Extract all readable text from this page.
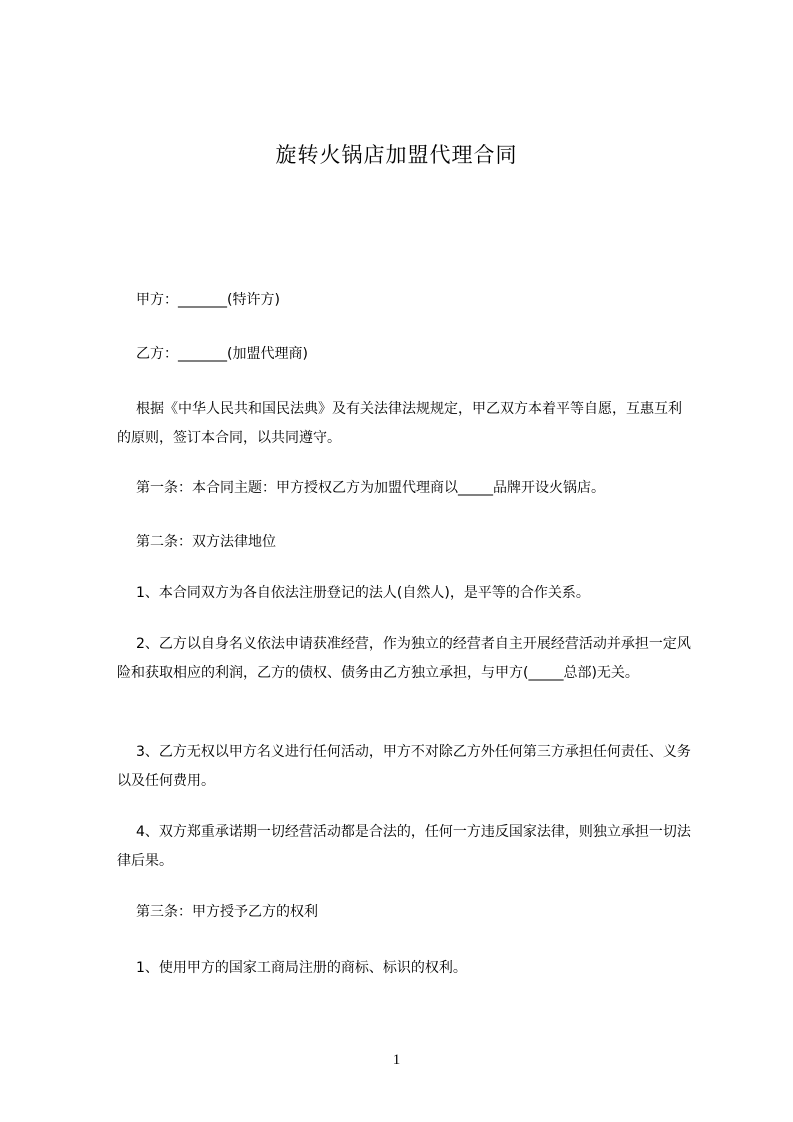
旋转火锅店加盟代理合同
甲方：_______(特许方)
乙方：_______(加盟代理商)
根据《中华人民共和国民法典》及有关法律法规规定，甲乙双方本着平等自愿，互惠互利的原则，签订本合同，以共同遵守。
第一条：本合同主题：甲方授权乙方为加盟代理商以_____品牌开设火锅店。
第二条：双方法律地位
1、本合同双方为各自依法注册登记的法人(自然人)，是平等的合作关系。
2、乙方以自身名义依法申请获准经营，作为独立的经营者自主开展经营活动并承担一定风险和获取相应的利润，乙方的债权、债务由乙方独立承担，与甲方(_____总部)无关。
3、乙方无权以甲方名义进行任何活动，甲方不对除乙方外任何第三方承担任何责任、义务以及任何费用。
4、双方郑重承诺期一切经营活动都是合法的，任何一方违反国家法律，则独立承担一切法律后果。
第三条：甲方授予乙方的权利
1、使用甲方的国家工商局注册的商标、标识的权利。
1
